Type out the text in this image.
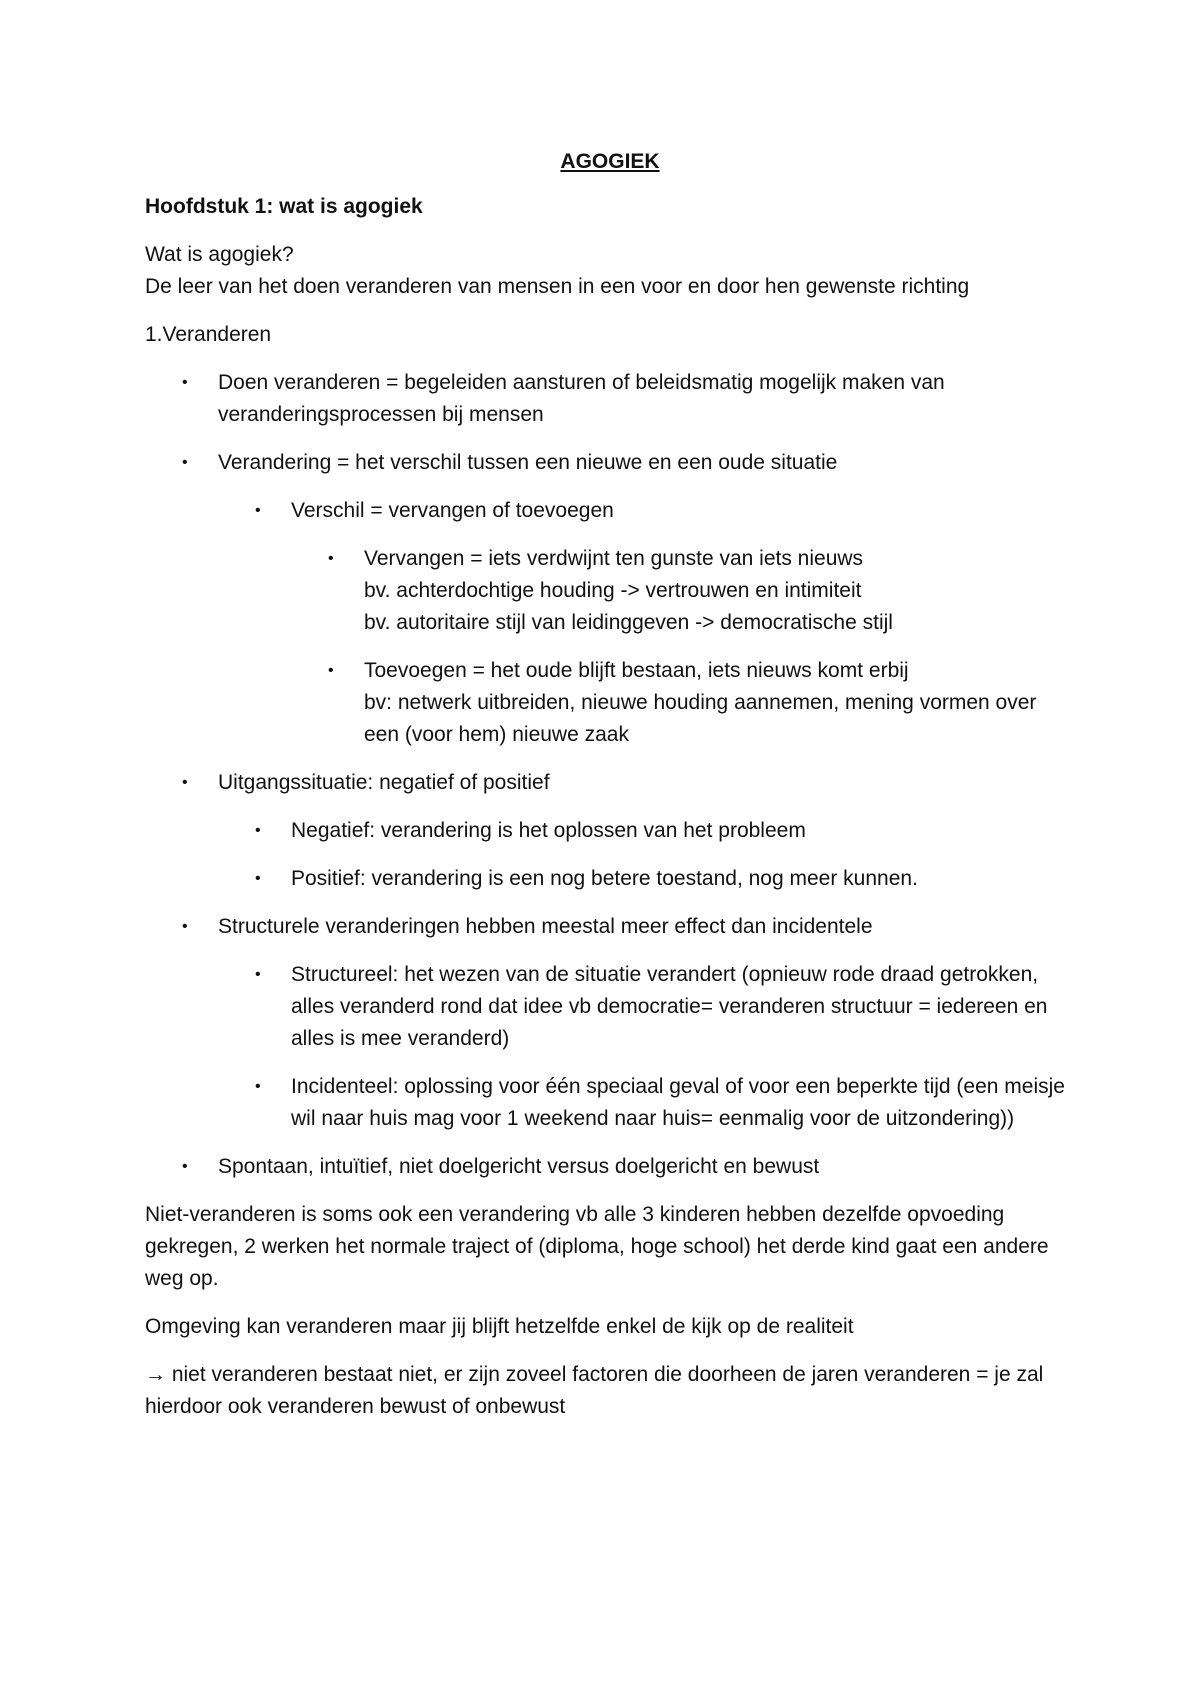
AGOGIEK
Hoofdstuk 1: wat is agogiek
Wat is agogiek?
De leer van het doen veranderen van mensen in een voor en door hen gewenste richting
1.Veranderen
• Doen veranderen = begeleiden aansturen of beleidsmatig mogelijk maken van veranderingsprocessen bij mensen
• Verandering = het verschil tussen een nieuwe en een oude situatie
• Verschil = vervangen of toevoegen
• Vervangen = iets verdwijnt ten gunste van iets nieuws
bv. achterdochtige houding -> vertrouwen en intimiteit
bv. autoritaire stijl van leidinggeven -> democratische stijl
• Toevoegen = het oude blijft bestaan, iets nieuws komt erbij
bv: netwerk uitbreiden, nieuwe houding aannemen, mening vormen over een (voor hem) nieuwe zaak
• Uitgangssituatie: negatief of positief
• Negatief: verandering is het oplossen van het probleem
• Positief: verandering is een nog betere toestand, nog meer kunnen.
• Structurele veranderingen hebben meestal meer effect dan incidentele
• Structureel: het wezen van de situatie verandert (opnieuw rode draad getrokken, alles veranderd rond dat idee vb democratie= veranderen structuur = iedereen en alles is mee veranderd)
• Incidenteel: oplossing voor één speciaal geval of voor een beperkte tijd (een meisje wil naar huis mag voor 1 weekend naar huis= eenmalig voor de uitzondering))
• Spontaan, intuïtief, niet doelgericht versus doelgericht en bewust
Niet-veranderen is soms ook een verandering vb alle 3 kinderen hebben dezelfde opvoeding gekregen, 2 werken het normale traject of (diploma, hoge school) het derde kind gaat een andere weg op.
Omgeving kan veranderen maar jij blijft hetzelfde enkel de kijk op de realiteit
→ niet veranderen bestaat niet, er zijn zoveel factoren die doorheen de jaren veranderen = je zal hierdoor ook veranderen bewust of onbewust
